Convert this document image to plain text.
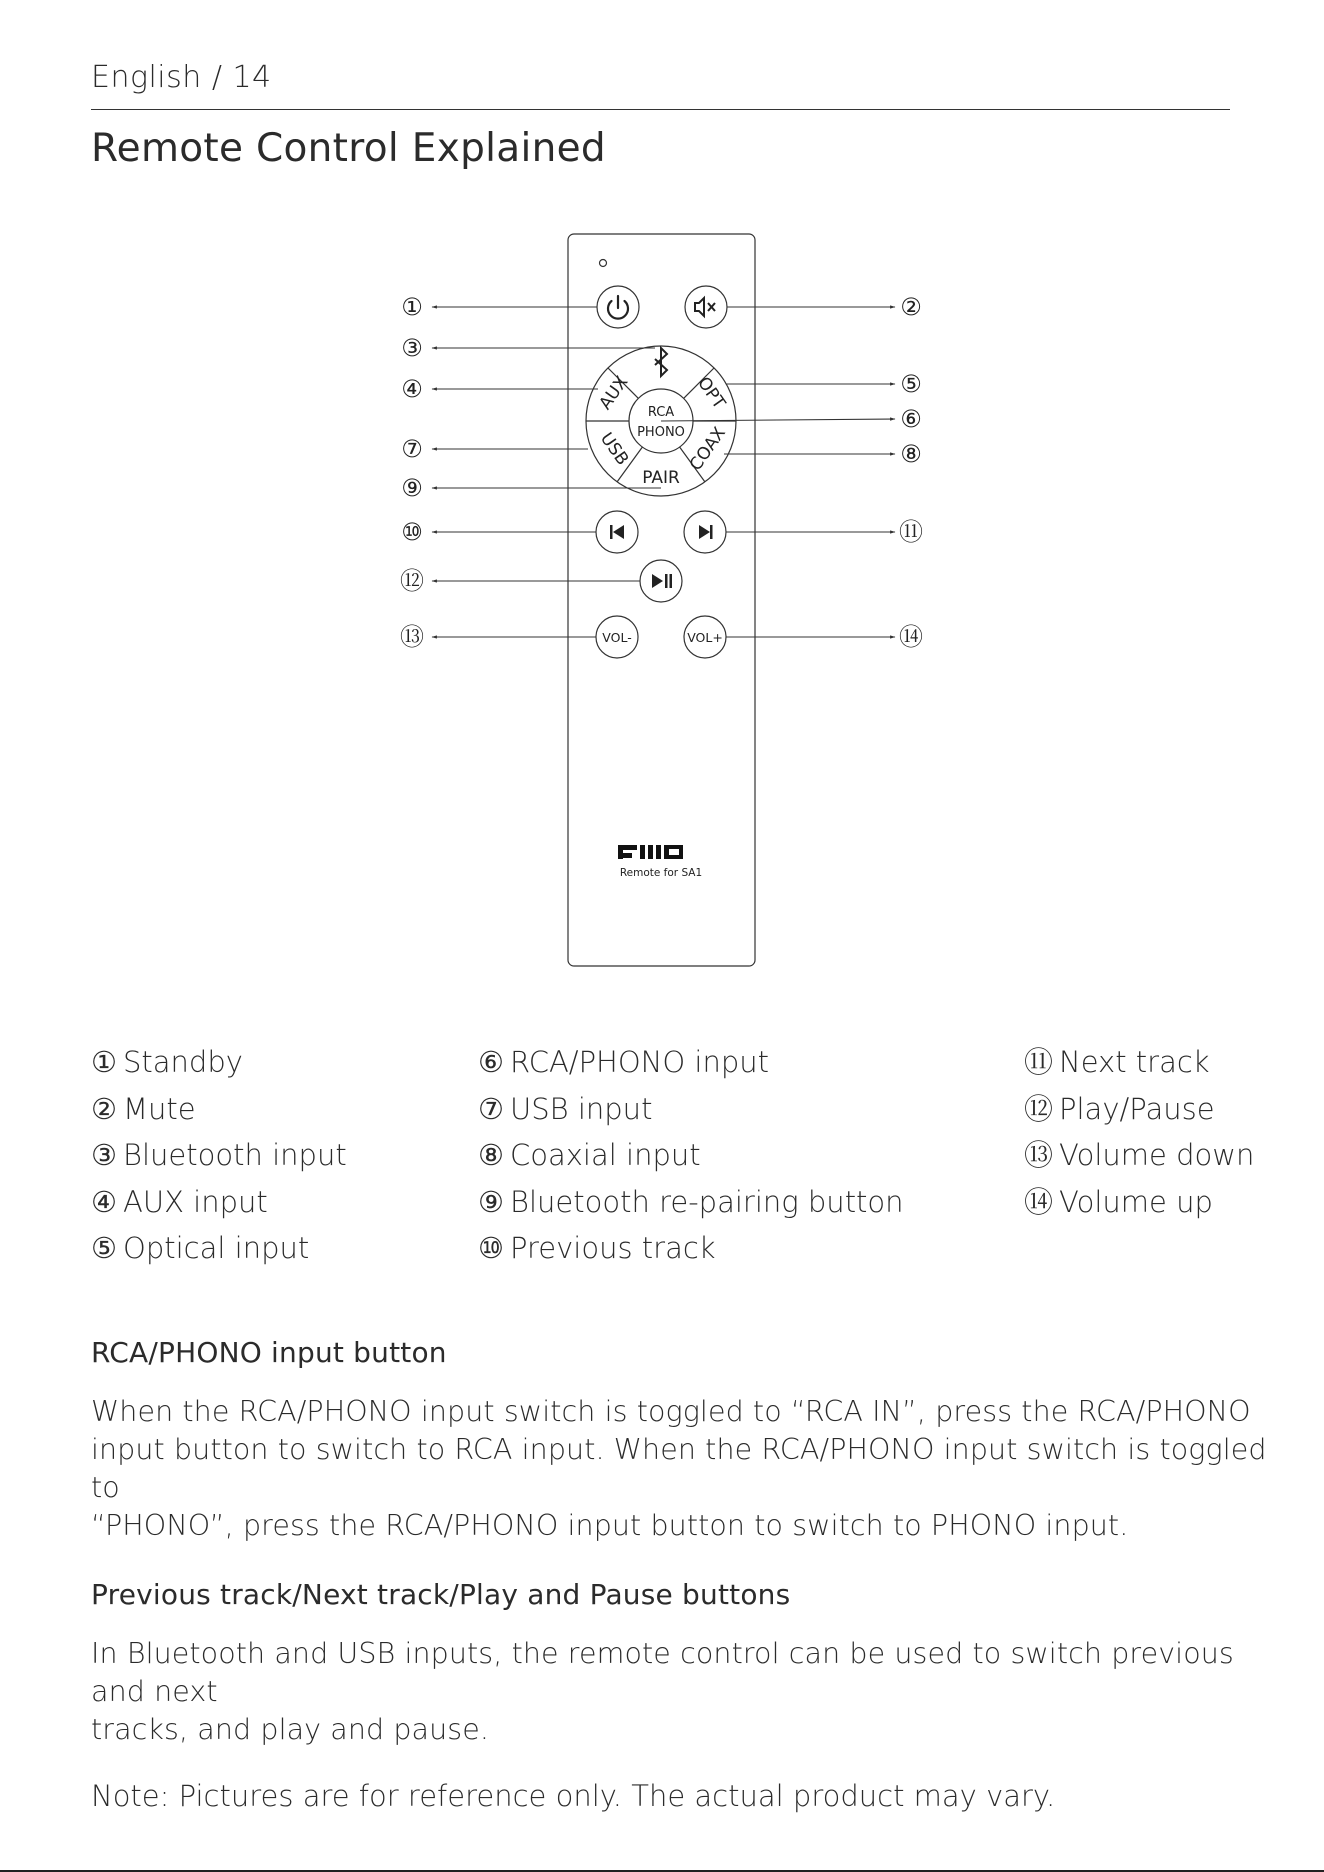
English / 14
Remote Control Explained
AUX	OPT
USB	COAX
PAIR
RCA
PHONO
VOL-	VOL+
FIIO
Remote for SA1
①	②
③
④	⑤
⑥
⑦	⑧
⑨
⑩	⑪
⑫
⑬	⑭
① Standby
② Mute
③ Bluetooth input
④ AUX input
⑤ Optical input
⑥ RCA/PHONO input
⑦ USB input
⑧ Coaxial input
⑨ Bluetooth re-pairing button
⑩ Previous track
⑪ Next track
⑫ Play/Pause
⑬ Volume down
⑭ Volume up
RCA/PHONO input button
When the RCA/PHONO input switch is toggled to “RCA IN”, press the RCA/PHONO
input button to switch to RCA input. When the RCA/PHONO input switch is toggled to
“PHONO”, press the RCA/PHONO input button to switch to PHONO input.
Previous track/Next track/Play and Pause buttons
In Bluetooth and USB inputs, the remote control can be used to switch previous and next
tracks, and play and pause.
Note: Pictures are for reference only. The actual product may vary.
